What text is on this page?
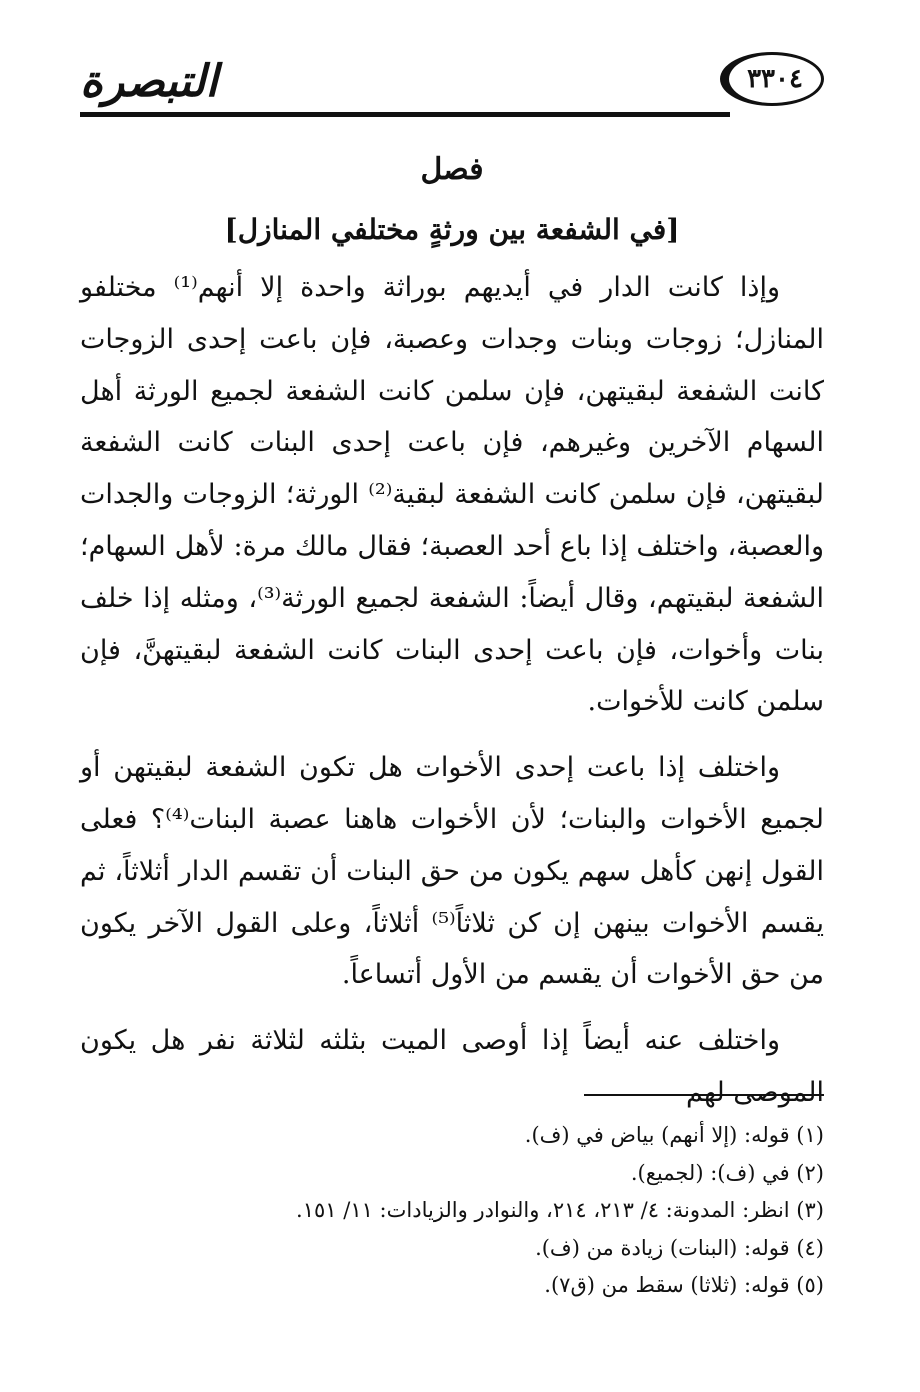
التبصرة	٣٣٠٤
فصل
[في الشفعة بين ورثةٍ مختلفي المنازل]

وإذا كانت الدار في أيديهم بوراثة واحدة إلا أنهم⁽¹⁾ مختلفو المنازل؛ زوجات وبنات وجدات وعصبة، فإن باعت إحدى الزوجات كانت الشفعة لبقيتهن، فإن سلمن كانت الشفعة لجميع الورثة أهل السهام الآخرين وغيرهم، فإن باعت إحدى البنات كانت الشفعة لبقيتهن، فإن سلمن كانت الشفعة لبقية⁽²⁾ الورثة؛ الزوجات والجدات والعصبة، واختلف إذا باع أحد العصبة؛ فقال مالك مرة: لأهل السهام؛ الشفعة لبقيتهم، وقال أيضاً: الشفعة لجميع الورثة⁽³⁾، ومثله إذا خلف بنات وأخوات، فإن باعت إحدى البنات كانت الشفعة لبقيتهنَّ، فإن سلمن كانت للأخوات.

واختلف إذا باعت إحدى الأخوات هل تكون الشفعة لبقيتهن أو لجميع الأخوات والبنات؛ لأن الأخوات هاهنا عصبة البنات⁽⁴⁾؟ فعلى القول إنهن كأهل سهم يكون من حق البنات أن تقسم الدار أثلاثاً، ثم يقسم الأخوات بينهن إن كن ثلاثاً⁽⁵⁾ أثلاثاً، وعلى القول الآخر يكون من حق الأخوات أن يقسم من الأول أتساعاً.

واختلف عنه أيضاً إذا أوصى الميت بثلثه لثلاثة نفر هل يكون الموصى لهم

(١) قوله: (إلا أنهم) بياض في (ف).
(٢) في (ف): (لجميع).
(٣) انظر: المدونة: ٤/ ٢١٣، ٢١٤، والنوادر والزيادات: ١١/ ١٥١.
(٤) قوله: (البنات) زيادة من (ف).
(٥) قوله: (ثلاثا) سقط من (ق٧).
